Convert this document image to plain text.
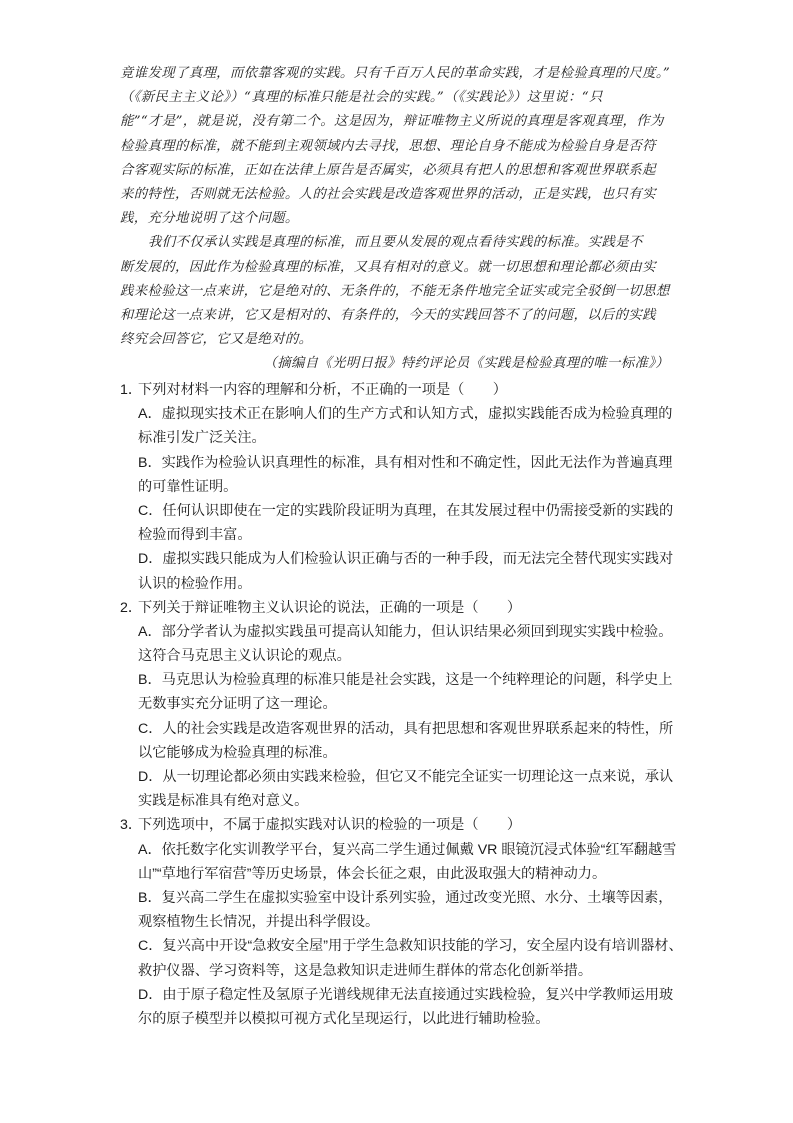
竟谁发现了真理，而依靠客观的实践。只有千百万人民的革命实践，才是检验真理的尺度。”
（《新民主主义论》）“真理的标准只能是社会的实践。”（《实践论》）这里说：“只
能”“才是”，就是说，没有第二个。这是因为，辩证唯物主义所说的真理是客观真理，作为
检验真理的标准，就不能到主观领域内去寻找，思想、理论自身不能成为检验自身是否符
合客观实际的标准，正如在法律上原告是否属实，必须具有把人的思想和客观世界联系起
来的特性，否则就无法检验。人的社会实践是改造客观世界的活动，正是实践，也只有实
践，充分地说明了这个问题。
我们不仅承认实践是真理的标准，而且要从发展的观点看待实践的标准。实践是不
断发展的，因此作为检验真理的标准，又具有相对的意义。就一切思想和理论都必须由实
践来检验这一点来讲，它是绝对的、无条件的，不能无条件地完全证实或完全驳倒一切思想
和理论这一点来讲，它又是相对的、有条件的，今天的实践回答不了的问题，以后的实践
终究会回答它，它又是绝对的。
（摘编自《光明日报》特约评论员《实践是检验真理的唯一标准》）
1．下列对材料一内容的理解和分析，不正确的一项是（　　）
A．虚拟现实技术正在影响人们的生产方式和认知方式，虚拟实践能否成为检验真理的
标准引发广泛关注。
B．实践作为检验认识真理性的标准，具有相对性和不确定性，因此无法作为普遍真理
的可靠性证明。
C．任何认识即使在一定的实践阶段证明为真理，在其发展过程中仍需接受新的实践的
检验而得到丰富。
D．虚拟实践只能成为人们检验认识正确与否的一种手段，而无法完全替代现实实践对
认识的检验作用。
2．下列关于辩证唯物主义认识论的说法，正确的一项是（　　）
A．部分学者认为虚拟实践虽可提高认知能力，但认识结果必须回到现实实践中检验。
这符合马克思主义认识论的观点。
B．马克思认为检验真理的标准只能是社会实践，这是一个纯粹理论的问题，科学史上
无数事实充分证明了这一理论。
C．人的社会实践是改造客观世界的活动，具有把思想和客观世界联系起来的特性，所
以它能够成为检验真理的标准。
D．从一切理论都必须由实践来检验，但它又不能完全证实一切理论这一点来说，承认
实践是标准具有绝对意义。
3．下列选项中，不属于虚拟实践对认识的检验的一项是（　　）
A．依托数字化实训教学平台，复兴高二学生通过佩戴 VR 眼镜沉浸式体验“红军翻越雪
山”“草地行军宿营”等历史场景，体会长征之艰，由此汲取强大的精神动力。
B．复兴高二学生在虚拟实验室中设计系列实验，通过改变光照、水分、土壤等因素，
观察植物生长情况，并提出科学假设。
C．复兴高中开设“急救安全屋”用于学生急救知识技能的学习，安全屋内设有培训器材、
救护仪器、学习资料等，这是急救知识走进师生群体的常态化创新举措。
D．由于原子稳定性及氢原子光谱线规律无法直接通过实践检验，复兴中学教师运用玻
尔的原子模型并以模拟可视方式化呈现运行，以此进行辅助检验。
